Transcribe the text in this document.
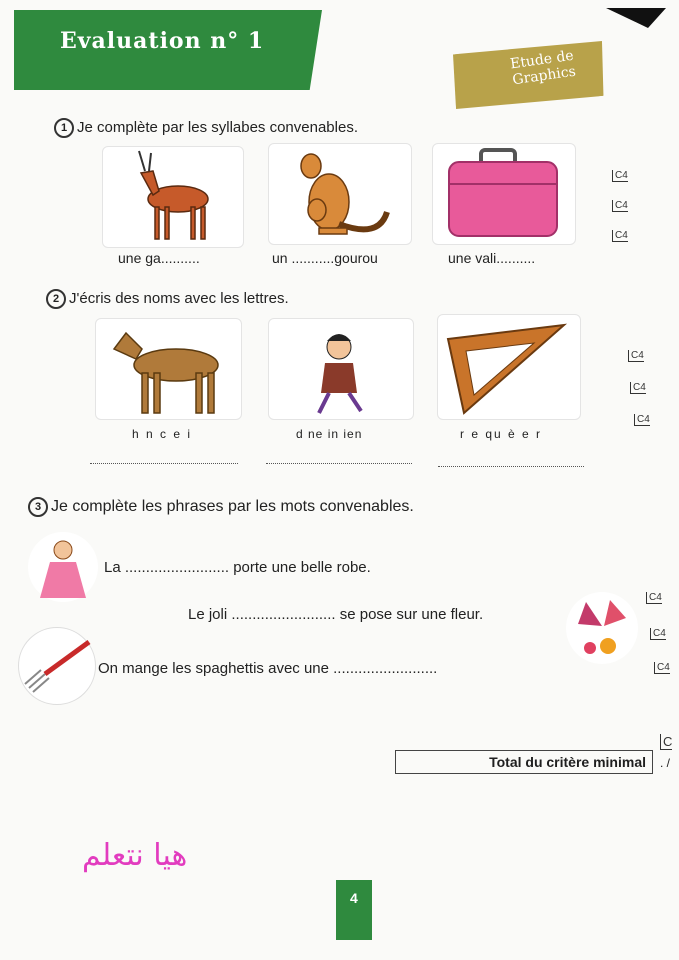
Evaluation n° 1
Etude de Graphics
1 Je complète par les syllabes convenables.
une ga..........	un ...........gourou	une vali..........
2 J'écris des noms avec les lettres.
h n c e i	d ne in ien	r e qu è e r
3 Je complète les phrases par les mots convenables.
La ......................... porte une belle robe.
Le joli ......................... se pose sur une fleur.
On mange les spaghettis avec une .........................
C4
C4
C4
C4
C4
C4
C4
C4
C4
C
Total du critère minimal . /
هيا نتعلم
4
